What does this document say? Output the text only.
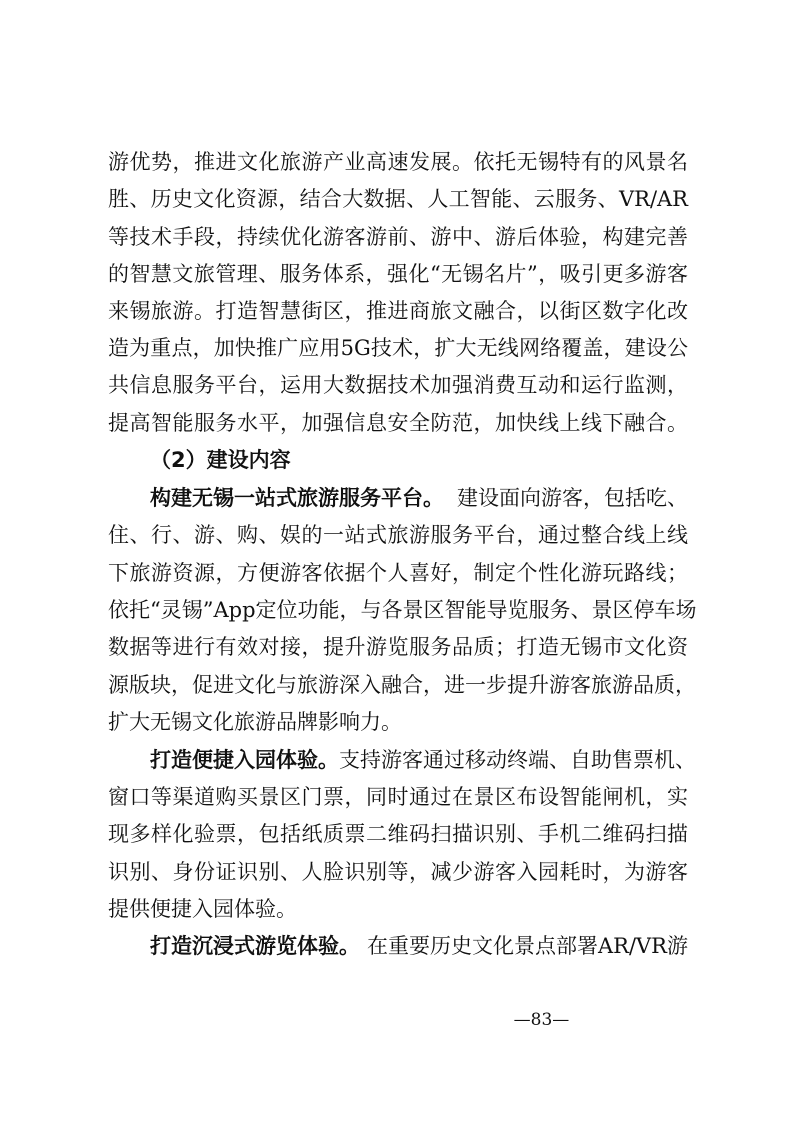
游优势，推进文化旅游产业高速发展。依托无锡特有的风景名
胜、历史文化资源，结合大数据、人工智能、云服务、VR/AR
等技术手段，持续优化游客游前、游中、游后体验，构建完善
的智慧文旅管理、服务体系，强化“无锡名片”，吸引更多游客
来锡旅游。打造智慧街区，推进商旅文融合，以街区数字化改
造为重点，加快推广应用5G技术，扩大无线网络覆盖，建设公
共信息服务平台，运用大数据技术加强消费互动和运行监测，
提高智能服务水平，加强信息安全防范，加快线上线下融合。
（2）建设内容
构建无锡一站式旅游服务平台。 建设面向游客，包括吃、
住、行、游、购、娱的一站式旅游服务平台，通过整合线上线
下旅游资源，方便游客依据个人喜好，制定个性化游玩路线；
依托“灵锡”App定位功能，与各景区智能导览服务、景区停车场
数据等进行有效对接，提升游览服务品质；打造无锡市文化资
源版块，促进文化与旅游深入融合，进一步提升游客旅游品质，
扩大无锡文化旅游品牌影响力。
打造便捷入园体验。 支持游客通过移动终端、自助售票机、
窗口等渠道购买景区门票，同时通过在景区布设智能闸机，实
现多样化验票，包括纸质票二维码扫描识别、手机二维码扫描
识别、身份证识别、人脸识别等，减少游客入园耗时，为游客
提供便捷入园体验。
打造沉浸式游览体验。 在重要历史文化景点部署AR/VR游
—83—
